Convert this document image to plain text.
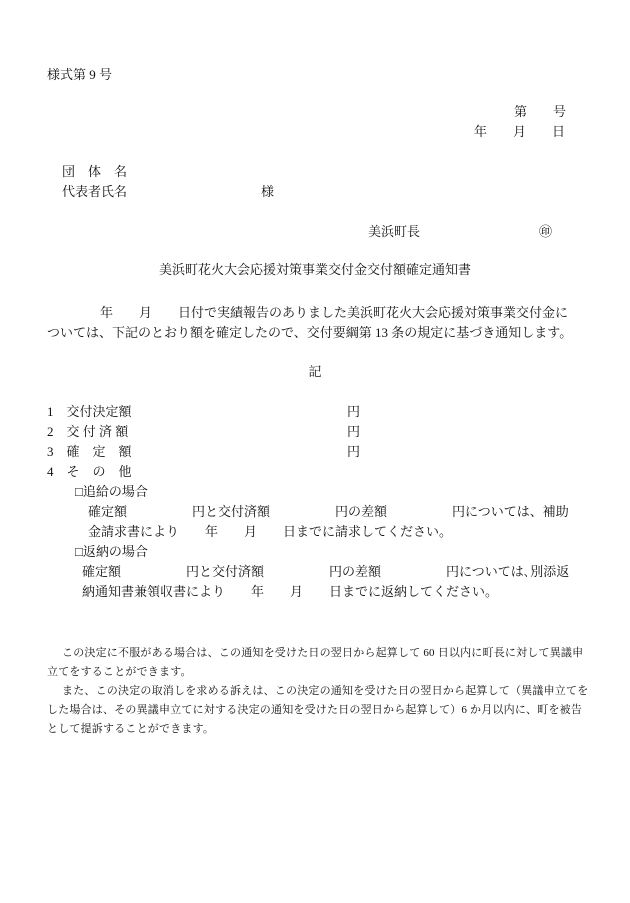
様式第 9 号
第　　号
年　　月　　日
団　体　名
代表者氏名	様
美浜町長	㊞
美浜町花火大会応援対策事業交付金交付額確定通知書
年　　月　　日付で実績報告のありました美浜町花火大会応援対策事業交付金に
ついては、下記のとおり額を確定したので、交付要綱第 13 条の規定に基づき通知します。
記
1　交付決定額	円
2　交 付 済 額	円
3　確　定　額	円
4　そ　の　他
□追給の場合
確定額　　　　　円と交付済額　　　　　円の差額　　　　　円については、補助
金請求書により　　年　　月　　日までに請求してください。
□返納の場合
確定額　　　　　円と交付済額　　　　　円の差額　　　　　円については､別添返
納通知書兼領収書により　　年　　月　　日までに返納してください。
この決定に不服がある場合は、この通知を受けた日の翌日から起算して 60 日以内に町長に対して異議申
立てをすることができます。
また、この決定の取消しを求める訴えは、この決定の通知を受けた日の翌日から起算して（異議申立てを
した場合は、その異議申立てに対する決定の通知を受けた日の翌日から起算して）6 か月以内に、町を被告
として提訴することができます。
